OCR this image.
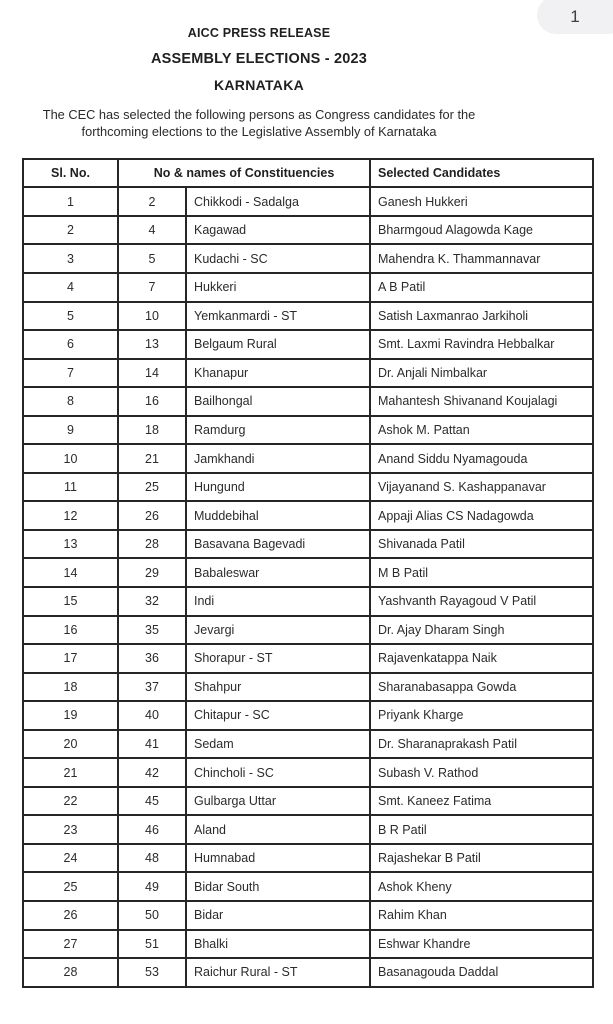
1
AICC PRESS RELEASE
ASSEMBLY ELECTIONS - 2023
KARNATAKA

The CEC has selected the following persons as Congress candidates for the forthcoming elections to the Legislative Assembly of Karnataka

Sl. No.	No & names of Constituencies		Selected Candidates
1	2	Chikkodi - Sadalga	Ganesh Hukkeri
2	4	Kagawad	Bharmgoud Alagowda Kage
3	5	Kudachi - SC	Mahendra K. Thammannavar
4	7	Hukkeri	A B Patil
5	10	Yemkanmardi - ST	Satish Laxmanrao Jarkiholi
6	13	Belgaum Rural	Smt. Laxmi Ravindra Hebbalkar
7	14	Khanapur	Dr. Anjali Nimbalkar
8	16	Bailhongal	Mahantesh Shivanand Koujalagi
9	18	Ramdurg	Ashok M. Pattan
10	21	Jamkhandi	Anand Siddu Nyamagouda
11	25	Hungund	Vijayanand S. Kashappanavar
12	26	Muddebihal	Appaji Alias CS Nadagowda
13	28	Basavana Bagevadi	Shivanada Patil
14	29	Babaleswar	M B Patil
15	32	Indi	Yashvanth Rayagoud V Patil
16	35	Jevargi	Dr. Ajay Dharam Singh
17	36	Shorapur - ST	Rajavenkatappa Naik
18	37	Shahpur	Sharanabasappa Gowda
19	40	Chitapur - SC	Priyank Kharge
20	41	Sedam	Dr. Sharanaprakash Patil
21	42	Chincholi - SC	Subash V. Rathod
22	45	Gulbarga Uttar	Smt. Kaneez Fatima
23	46	Aland	B R Patil
24	48	Humnabad	Rajashekar B Patil
25	49	Bidar South	Ashok Kheny
26	50	Bidar	Rahim Khan
27	51	Bhalki	Eshwar Khandre
28	53	Raichur Rural - ST	Basanagouda Daddal
